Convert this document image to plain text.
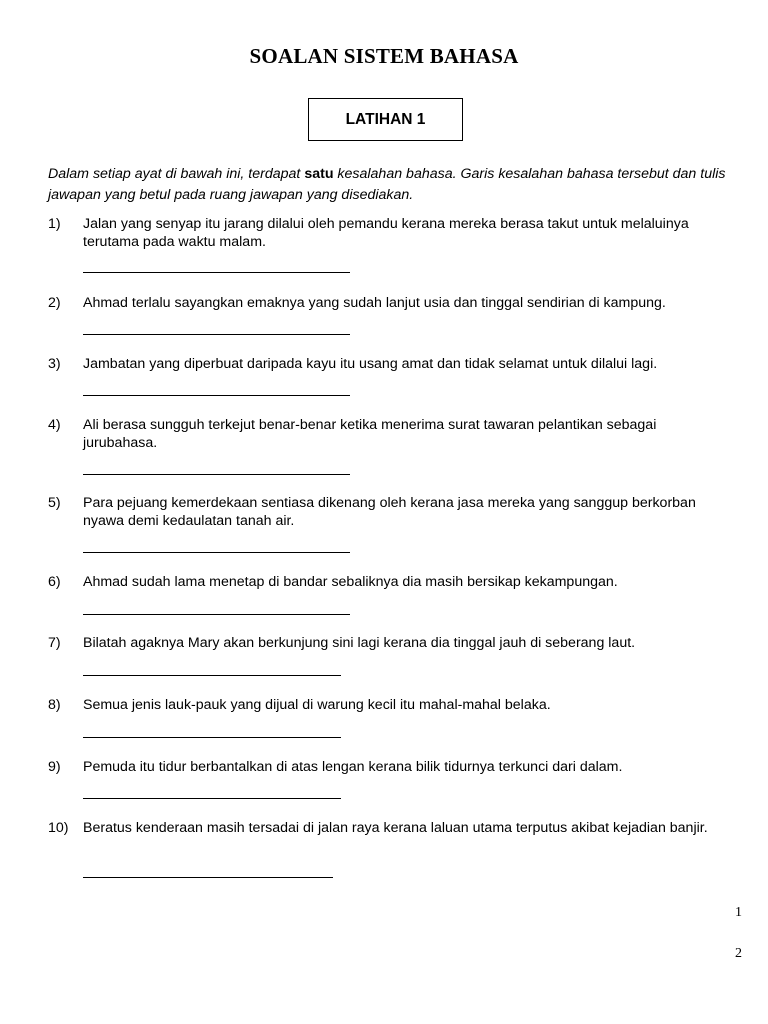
SOALAN SISTEM BAHASA
LATIHAN 1

Dalam setiap ayat di bawah ini, terdapat satu kesalahan bahasa. Garis kesalahan bahasa tersebut dan tulis jawapan yang betul pada ruang jawapan yang disediakan.

1) Jalan yang senyap itu jarang dilalui oleh pemandu kerana mereka berasa takut untuk melaluinya terutama pada waktu malam.
2) Ahmad terlalu sayangkan emaknya yang sudah lanjut usia dan tinggal sendirian di kampung.
3) Jambatan yang diperbuat daripada kayu itu usang amat dan tidak selamat untuk dilalui lagi.
4) Ali berasa sungguh terkejut benar-benar ketika menerima surat tawaran pelantikan sebagai jurubahasa.
5) Para pejuang kemerdekaan sentiasa dikenang oleh kerana jasa mereka yang sanggup berkorban nyawa demi kedaulatan tanah air.
6) Ahmad sudah lama menetap di bandar sebaliknya dia masih bersikap kekampungan.
7) Bilatah agaknya Mary akan berkunjung sini lagi kerana dia tinggal jauh di seberang laut.
8) Semua jenis lauk-pauk yang dijual di warung kecil itu mahal-mahal belaka.
9) Pemuda itu tidur berbantalkan di atas lengan kerana bilik tidurnya terkunci dari dalam.
10) Beratus kenderaan masih tersadai di jalan raya kerana laluan utama terputus akibat kejadian banjir.
1
2
